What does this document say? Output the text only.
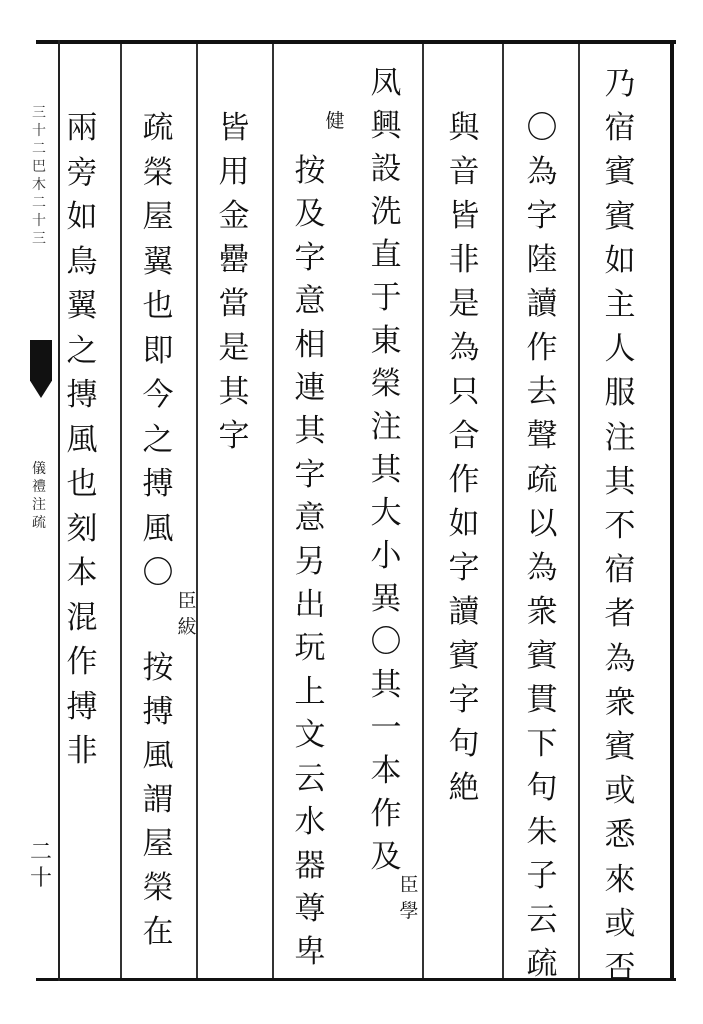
三十二巴木二十三
儀禮注疏
二十
乃宿賓賓如主人服注其不宿者為衆賓或悉來或否
〇為字陸讀作去聲疏以為衆賓貫下句朱子云疏
與音皆非是為只合作如字讀賓字句絶
凤興設洗直于東榮注其大小異〇其一本作及
臣學
健
按及字意相連其字意另出玩上文云水器尊卑
皆用金罍當是其字
疏榮屋翼也即今之搏風〇
臣紱
按搏風謂屋榮在
兩旁如鳥翼之摶風也刻本混作搏非
